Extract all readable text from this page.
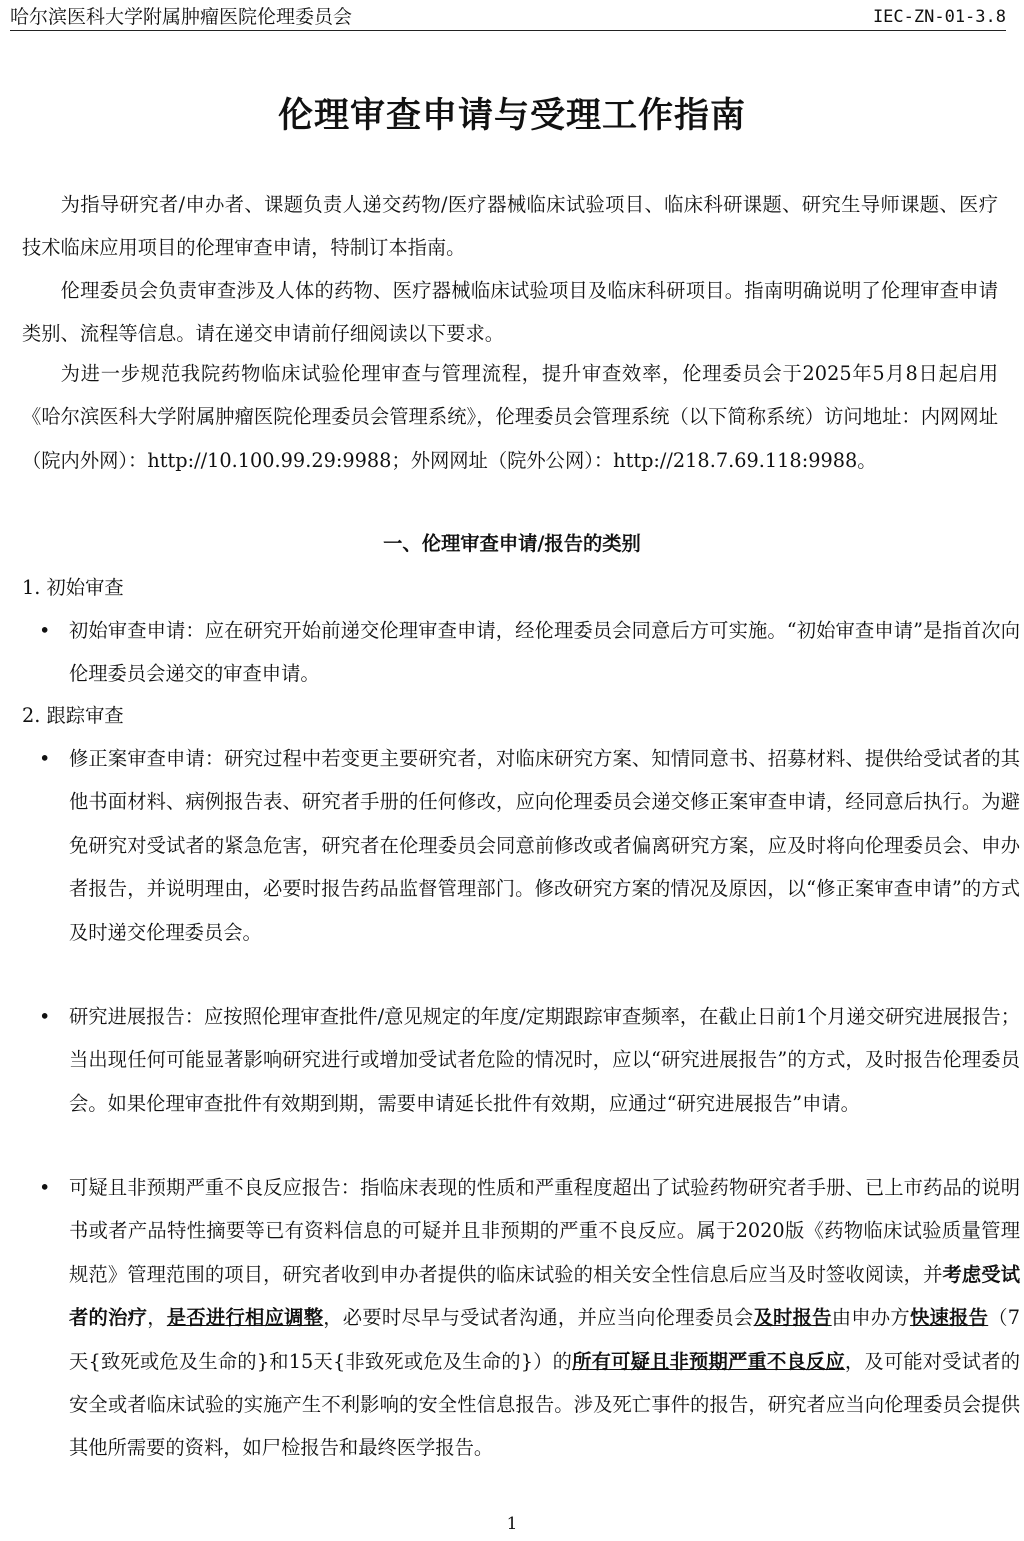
哈尔滨医科大学附属肿瘤医院伦理委员会	IEC-ZN-01-3.8
伦理审查申请与受理工作指南

为指导研究者/申办者、课题负责人递交药物/医疗器械临床试验项目、临床科研课题、研究生导师课题、医疗技术临床应用项目的伦理审查申请，特制订本指南。

伦理委员会负责审查涉及人体的药物、医疗器械临床试验项目及临床科研项目。指南明确说明了伦理审查申请类别、流程等信息。请在递交申请前仔细阅读以下要求。

为进一步规范我院药物临床试验伦理审查与管理流程，提升审查效率，伦理委员会于2025年5月8日起启用《哈尔滨医科大学附属肿瘤医院伦理委员会管理系统》，伦理委员会管理系统（以下简称系统）访问地址：内网网址（院内外网）：http://10.100.99.29:9988；外网网址（院外公网）：http://218.7.69.118:9988。

一、伦理审查申请/报告的类别
1. 初始审查

• 初始审查申请：应在研究开始前递交伦理审查申请，经伦理委员会同意后方可实施。“初始审查申请”是指首次向伦理委员会递交的审查申请。

2. 跟踪审查

• 修正案审查申请：研究过程中若变更主要研究者，对临床研究方案、知情同意书、招募材料、提供给受试者的其他书面材料、病例报告表、研究者手册的任何修改，应向伦理委员会递交修正案审查申请，经同意后执行。为避免研究对受试者的紧急危害，研究者在伦理委员会同意前修改或者偏离研究方案，应及时将向伦理委员会、申办者报告，并说明理由，必要时报告药品监督管理部门。修改研究方案的情况及原因，以“修正案审查申请”的方式及时递交伦理委员会。

• 研究进展报告：应按照伦理审查批件/意见规定的年度/定期跟踪审查频率，在截止日前1个月递交研究进展报告；当出现任何可能显著影响研究进行或增加受试者危险的情况时，应以“研究进展报告”的方式，及时报告伦理委员会。如果伦理审查批件有效期到期，需要申请延长批件有效期，应通过“研究进展报告”申请。

• 可疑且非预期严重不良反应报告：指临床表现的性质和严重程度超出了试验药物研究者手册、已上市药品的说明书或者产品特性摘要等已有资料信息的可疑并且非预期的严重不良反应。属于2020版《药物临床试验质量管理规范》管理范围的项目，研究者收到申办者提供的临床试验的相关安全性信息后应当及时签收阅读，并考虑受试者的治疗，是否进行相应调整，必要时尽早与受试者沟通，并应当向伦理委员会及时报告由申办方快速报告（7天{致死或危及生命的}和15天{非致死或危及生命的}）的所有可疑且非预期严重不良反应，及可能对受试者的安全或者临床试验的实施产生不利影响的安全性信息报告。涉及死亡事件的报告，研究者应当向伦理委员会提供其他所需要的资料，如尸检报告和最终医学报告。

1
